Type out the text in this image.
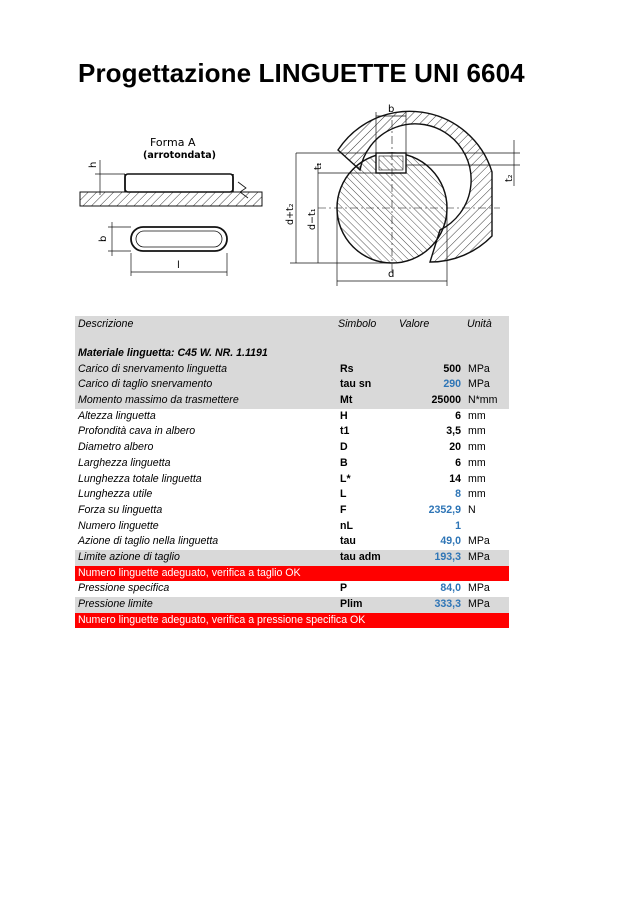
Progettazione LINGUETTE UNI 6604
Forma A
(arrotondata)
h
b
l
b
t₁
t₂
d+t₂ d−t₁
d
Descrizione	Simbolo Valore	Unità
Materiale linguetta: C45 W. NR. 1.1191
Carico di snervamento linguetta	Rs	500 MPa
Carico di taglio snervamento	tau sn	290 MPa
Momento massimo da trasmettere	Mt	25000 N*mm
Altezza linguetta	H	6 mm
Profondità cava in albero	t1	3,5 mm
Diametro albero	D	20 mm
Larghezza linguetta	B	6 mm
Lunghezza totale linguetta	L*	14 mm
Lunghezza utile	L	8 mm
Forza su linguetta	F	2352,9 N
Numero linguette	nL	1
Azione di taglio nella linguetta	tau	49,0 MPa
Limite azione di taglio	tau adm	193,3 MPa
Numero linguette adeguato, verifica a taglio OK
Pressione specifica	P	84,0 MPa
Pressione limite	Plim	333,3 MPa
Numero linguette adeguato, verifica a pressione specifica OK
